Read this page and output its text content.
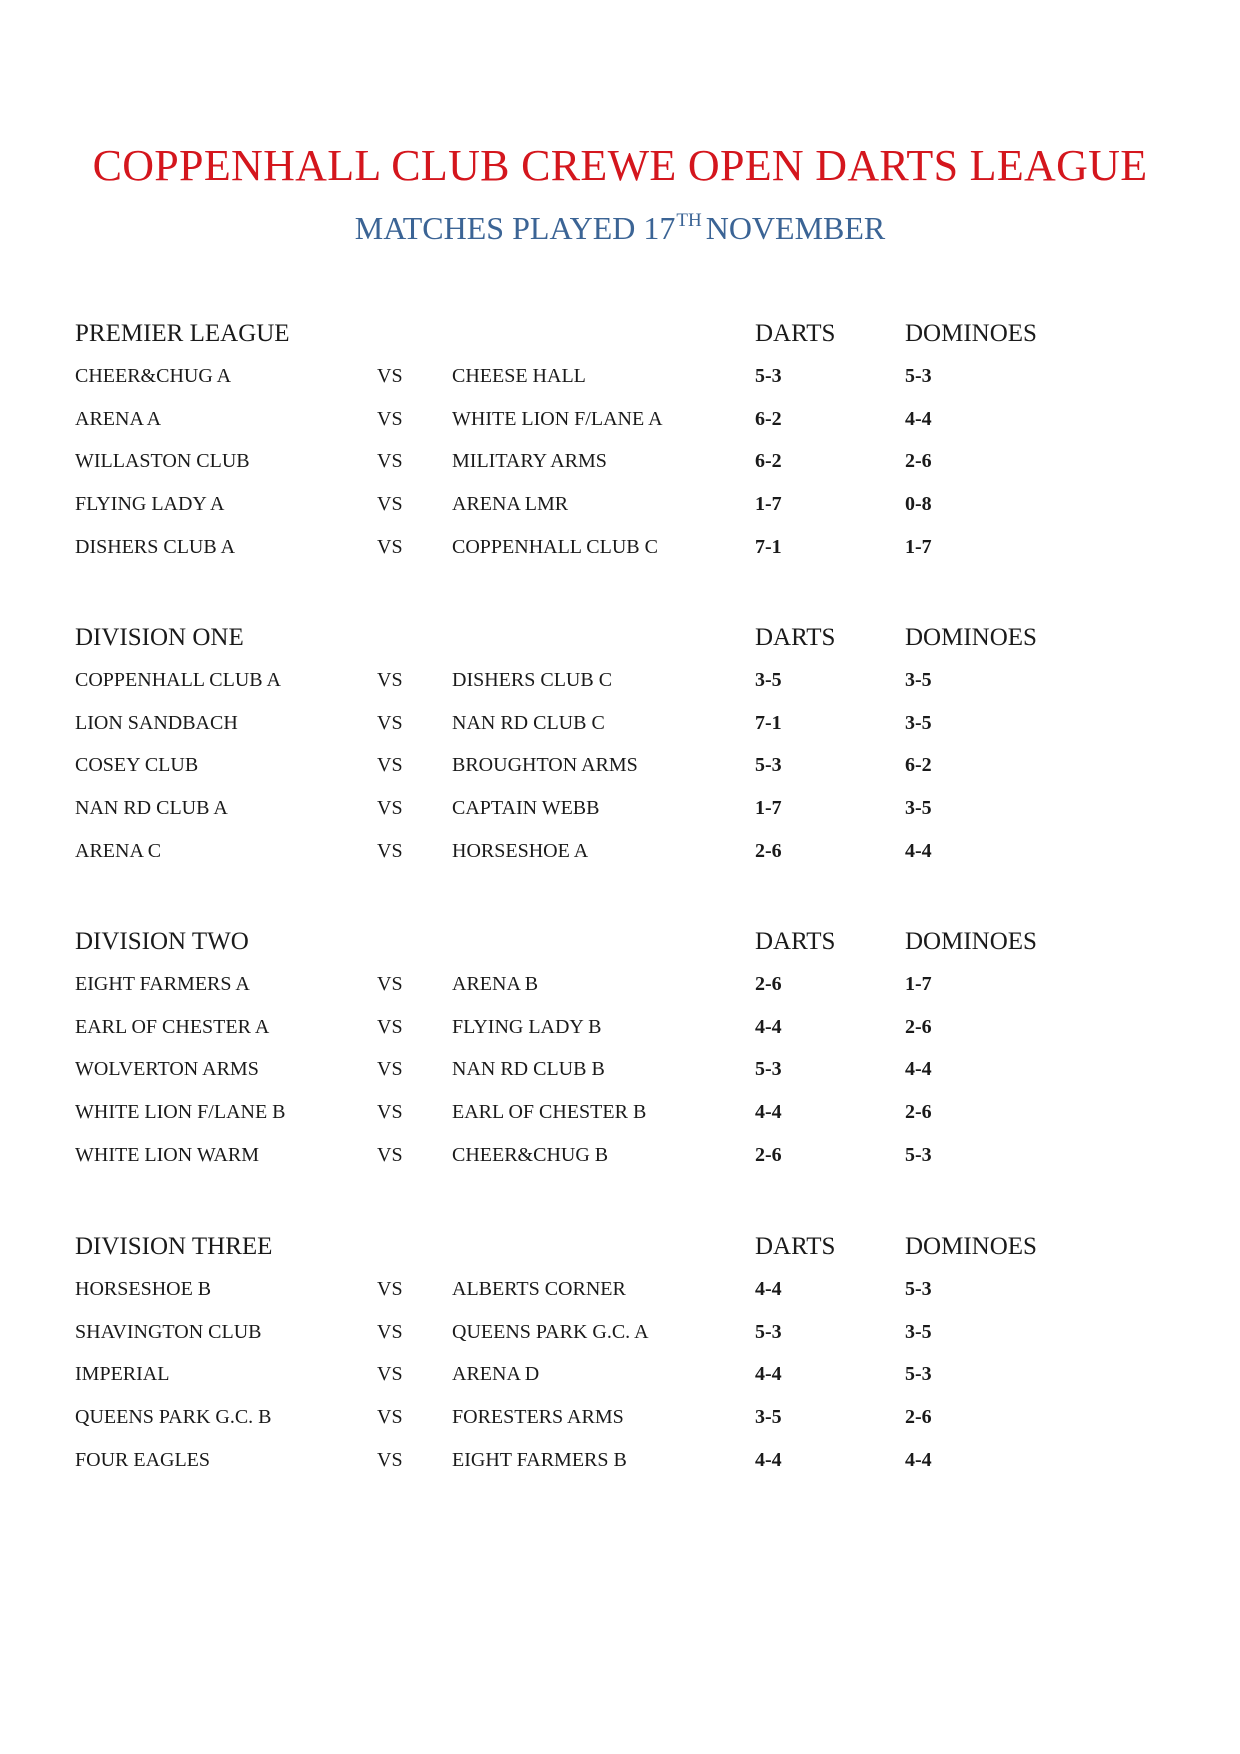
COPPENHALL CLUB CREWE OPEN DARTS LEAGUE
MATCHES PLAYED 17TH NOVEMBER
PREMIER LEAGUE	DARTS	DOMINOES
CHEER&CHUG A	VS CHEESE HALL	5-3	5-3
ARENA A	VS WHITE LION F/LANE A	6-2	4-4
WILLASTON CLUB	VS MILITARY ARMS	6-2	2-6
FLYING LADY A	VS ARENA LMR	1-7	0-8
DISHERS CLUB A	VS COPPENHALL CLUB C	7-1	1-7
DIVISION ONE	DARTS	DOMINOES
COPPENHALL CLUB A	VS DISHERS CLUB C	3-5	3-5
LION SANDBACH	VS NAN RD CLUB C	7-1	3-5
COSEY CLUB	VS BROUGHTON ARMS	5-3	6-2
NAN RD CLUB A	VS CAPTAIN WEBB	1-7	3-5
ARENA C	VS HORSESHOE A	2-6	4-4
DIVISION TWO	DARTS	DOMINOES
EIGHT FARMERS A	VS ARENA B	2-6	1-7
EARL OF CHESTER A	VS FLYING LADY B	4-4	2-6
WOLVERTON ARMS	VS NAN RD CLUB B	5-3	4-4
WHITE LION F/LANE B	VS EARL OF CHESTER B	4-4	2-6
WHITE LION WARM	VS CHEER&CHUG B	2-6	5-3
DIVISION THREE	DARTS	DOMINOES
HORSESHOE B	VS ALBERTS CORNER	4-4	5-3
SHAVINGTON CLUB	VS QUEENS PARK G.C. A	5-3	3-5
IMPERIAL	VS ARENA D	4-4	5-3
QUEENS PARK G.C. B	VS FORESTERS ARMS	3-5	2-6
FOUR EAGLES	VS EIGHT FARMERS B	4-4	4-4
